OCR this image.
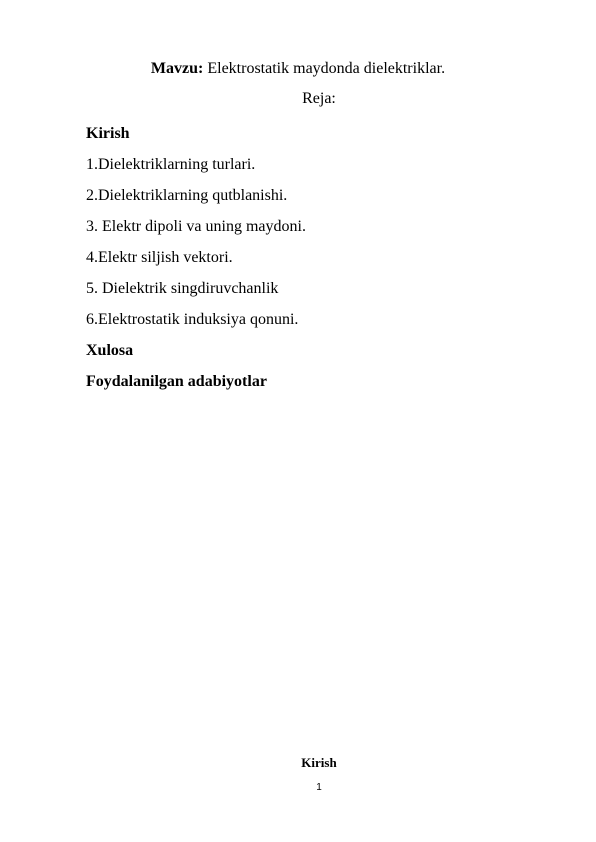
Mavzu: Elektrostatik maydonda dielektriklar.
Reja:
Kirish
1.Dielektriklarning turlari.
2.Dielektriklarning qutblanishi.
3. Elektr dipoli va uning maydoni.
4.Elektr siljish vektori.
5. Dielektrik singdiruvchanlik
6.Elektrostatik induksiya qonuni.
Xulosa
Foydalanilgan adabiyotlar
Kirish
1
